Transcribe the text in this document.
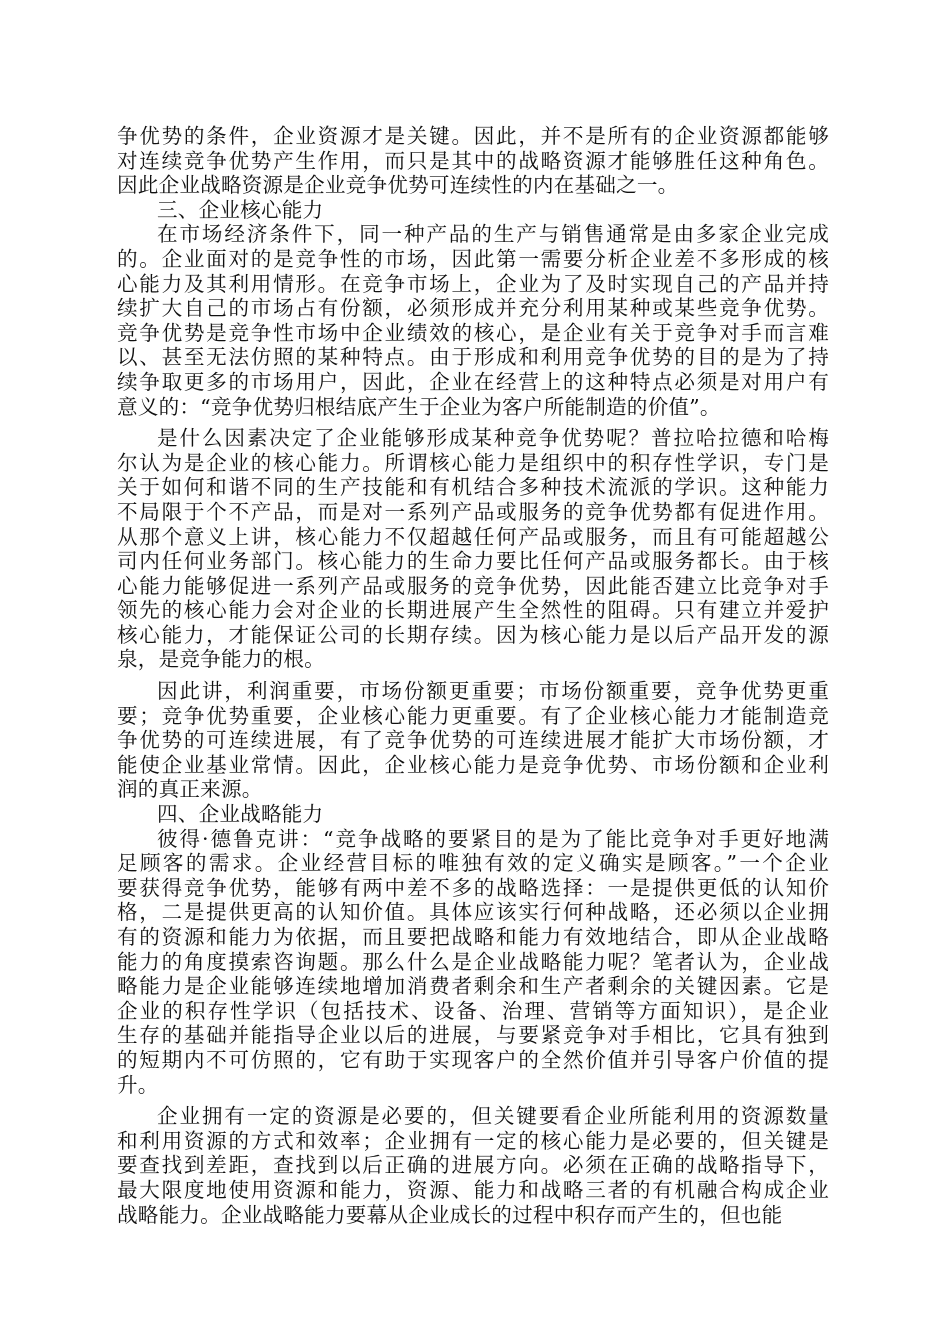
争优势的条件，企业资源才是关键。因此，并不是所有的企业资源都能够
对连续竞争优势产生作用，而只是其中的战略资源才能够胜任这种角色。
因此企业战略资源是企业竞争优势可连续性的内在基础之一。
三、企业核心能力
在市场经济条件下，同一种产品的生产与销售通常是由多家企业完成
的。企业面对的是竞争性的市场，因此第一需要分析企业差不多形成的核
心能力及其利用情形。在竞争市场上，企业为了及时实现自己的产品并持
续扩大自己的市场占有份额，必须形成并充分利用某种或某些竞争优势。
竞争优势是竞争性市场中企业绩效的核心，是企业有关于竞争对手而言难
以、甚至无法仿照的某种特点。由于形成和利用竞争优势的目的是为了持
续争取更多的市场用户，因此，企业在经营上的这种特点必须是对用户有
意义的：“竞争优势归根结底产生于企业为客户所能制造的价值”。
是什么因素决定了企业能够形成某种竞争优势呢？普拉哈拉德和哈梅
尔认为是企业的核心能力。所谓核心能力是组织中的积存性学识，专门是
关于如何和谐不同的生产技能和有机结合多种技术流派的学识。这种能力
不局限于个不产品，而是对一系列产品或服务的竞争优势都有促进作用。
从那个意义上讲，核心能力不仅超越任何产品或服务，而且有可能超越公
司内任何业务部门。核心能力的生命力要比任何产品或服务都长。由于核
心能力能够促进一系列产品或服务的竞争优势，因此能否建立比竞争对手
领先的核心能力会对企业的长期进展产生全然性的阻碍。只有建立并爱护
核心能力，才能保证公司的长期存续。因为核心能力是以后产品开发的源
泉，是竞争能力的根。
因此讲，利润重要，市场份额更重要；市场份额重要，竞争优势更重
要；竞争优势重要，企业核心能力更重要。有了企业核心能力才能制造竞
争优势的可连续进展，有了竞争优势的可连续进展才能扩大市场份额，才
能使企业基业常情。因此，企业核心能力是竞争优势、市场份额和企业利
润的真正来源。
四、企业战略能力
彼得·德鲁克讲：“竞争战略的要紧目的是为了能比竞争对手更好地满
足顾客的需求。企业经营目标的唯独有效的定义确实是顾客。”一个企业
要获得竞争优势，能够有两中差不多的战略选择：一是提供更低的认知价
格，二是提供更高的认知价值。具体应该实行何种战略，还必须以企业拥
有的资源和能力为依据，而且要把战略和能力有效地结合，即从企业战略
能力的角度摸索咨询题。那么什么是企业战略能力呢？笔者认为，企业战
略能力是企业能够连续地增加消费者剩余和生产者剩余的关键因素。它是
企业的积存性学识（包括技术、设备、治理、营销等方面知识），是企业
生存的基础并能指导企业以后的进展，与要紧竞争对手相比，它具有独到
的短期内不可仿照的，它有助于实现客户的全然价值并引导客户价值的提
升。
企业拥有一定的资源是必要的，但关键要看企业所能利用的资源数量
和利用资源的方式和效率；企业拥有一定的核心能力是必要的，但关键是
要查找到差距，查找到以后正确的进展方向。必须在正确的战略指导下，
最大限度地使用资源和能力，资源、能力和战略三者的有机融合构成企业
战略能力。企业战略能力要幕从企业成长的过程中积存而产生的，但也能
